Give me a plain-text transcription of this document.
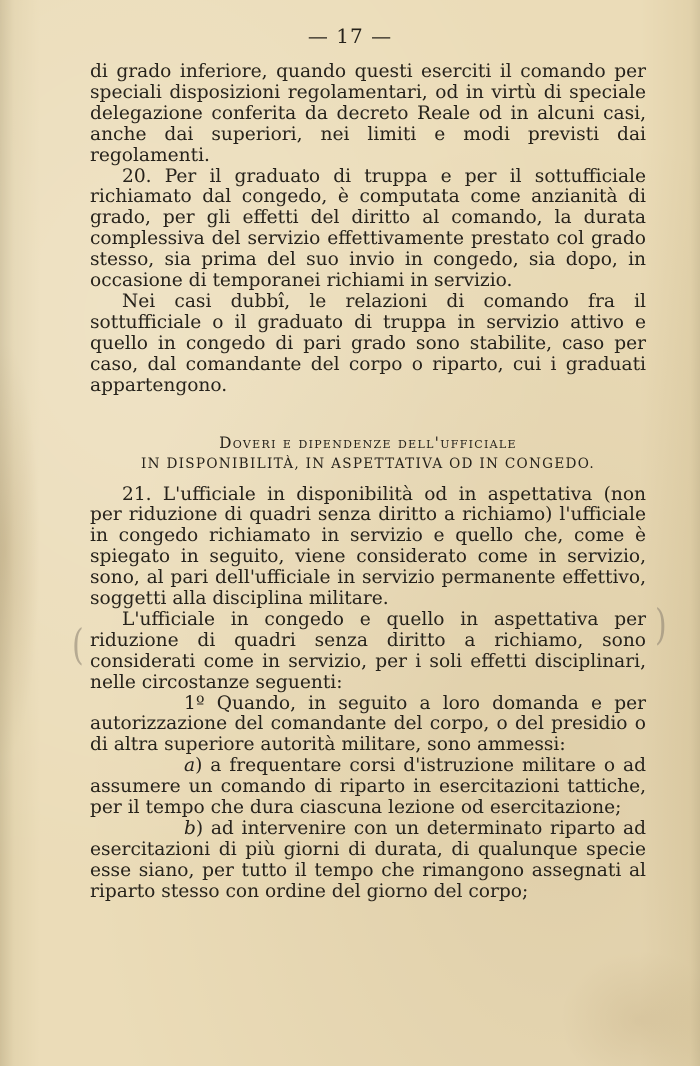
— 17 —

di grado inferiore, quando questi eserciti il comando per speciali disposizioni regolamentari, od in virtù di speciale delegazione conferita da decreto Reale od in alcuni casi, anche dai superiori, nei limiti e modi previsti dai regolamenti.

20. Per il graduato di truppa e per il sottufficiale richiamato dal congedo, è computata come anzianità di grado, per gli effetti del diritto al comando, la durata complessiva del servizio effettivamente prestato col grado stesso, sia prima del suo invio in congedo, sia dopo, in occasione di temporanei richiami in servizio.

Nei casi dubbî, le relazioni di comando fra il sottufficiale o il graduato di truppa in servizio attivo e quello in congedo di pari grado sono stabilite, caso per caso, dal comandante del corpo o riparto, cui i graduati appartengono.

Doveri e dipendenze dell'ufficiale

IN DISPONIBILITÀ, IN ASPETTATIVA OD IN CONGEDO.

21. L'ufficiale in disponibilità od in aspettativa (non per riduzione di quadri senza diritto a richiamo) l'ufficiale in congedo richiamato in servizio e quello che, come è spiegato in seguito, viene considerato come in servizio, sono, al pari dell'ufficiale in servizio permanente effettivo, soggetti alla disciplina militare.

L'ufficiale in congedo e quello in aspettativa per riduzione di quadri senza diritto a richiamo, sono considerati come in servizio, per i soli effetti disciplinari, nelle circostanze seguenti:

1º Quando, in seguito a loro domanda e per autorizzazione del comandante del corpo, o del presidio o di altra superiore autorità militare, sono ammessi:

a) a frequentare corsi d'istruzione militare o ad assumere un comando di riparto in esercitazioni tattiche, per il tempo che dura ciascuna lezione od esercitazione;

b) ad intervenire con un determinato riparto ad esercitazioni di più giorni di durata, di qualunque specie esse siano, per tutto il tempo che rimangono assegnati al riparto stesso con ordine del giorno del corpo;

(	)
